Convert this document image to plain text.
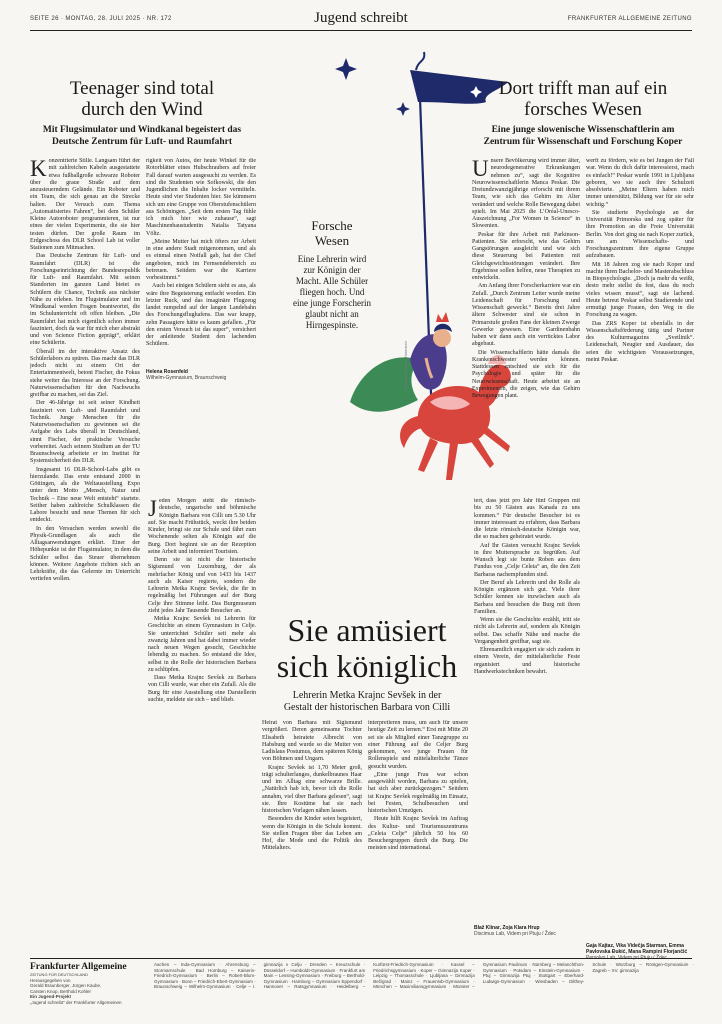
SEITE 26 · MONTAG, 28. JULI 2025 · NR. 172	Jugend schreibt	FRANKFURTER ALLGEMEINE ZEITUNG
Teenager sind total
durch den Wind
Mit Flugsimulator und Windkanal begeistert das
Deutsche Zentrum für Luft- und Raumfahrt

Konzentrierte Stille. Langsam führt der mit zahlreichen Kabeln ausgestattete etwa fußballgroße schwarze Roboter über die graue Straße auf dem anzusteuerndem Gelände. Ein Roboter und ein Team, die sich genau an die Strecke halten. Der Versuch zum Thema „Automatisiertes Fahren“, bei dem Schüler Kleine Autoroboter programmieren, ist nur eines der vielen Experimente, die sie hier testen dürfen. Der große Raum im Erdgeschoss des DLR School Lab ist voller Stationen zum Mitmachen.

Das Deutsche Zentrum für Luft- und Raumfahrt (DLR) ist die Forschungseinrichtung der Bundesrepublik für Luft- und Raumfahrt. Mit seinen Standorten im ganzen Land bietet es Schülern die Chance, Technik aus nächster Nähe zu erleben. Im Flugsimulator und im Windkanal werden Fragen beantwortet, die im Schulunterricht oft offen bleiben. „Die Raumfahrt hat mich eigentlich schon immer fasziniert, doch da war für mich eher abstrakt und von Science Fiction geprägt“, erklärt eine Schülerin.

Überall im der interaktive Ansatz des Schülerlabors zu spüren. Das macht das DLR jedoch nicht zu einem Ort der Entertainmentwelt, betont Fischer, die Fokus stehe weiter das Interesse an der Forschung. Naturwissenschaften für den Nachwuchs greifbar zu machen, sei das Ziel.

Der 46-Jährige ist seit seiner Kindheit fasziniert von Luft- und Raumfahrt und Technik. Junge Menschen für die Naturwissenschaften zu gewinnen sei die Aufgabe des Labs überall in Deutschland, sinnt Fischer, der praktische Versuche vorbereitet. Auch seinem Studium an der TU Braunschweig arbeitete er im Institut für Systemsicherheit des DLR.

Insgesamt 16 DLR-School-Labs gibt es hierzulande. Das erste entstand 2000 in Göttingen, als die Weltausstellung Expo unter dem Motto „Mensch, Natur und Technik – Eine neue Welt entsteht“ startete. Seither haben zahlreiche Schulklassen die Labore besucht und neue Themen für sich entdeckt.

In den Versuchen werden sowohl die Physik-Grundlagen als auch die Alltagsanwendungen erklärt. Einer der Höhepunkte ist der Flugsimulator, in dem die Schüler selbst das Steuer übernehmen können. Weitere Angebote richten sich an Lehrkräfte, die das Gelernte im Unterricht vertiefen wollen.

rigkeit von Autos, der heute Winkel für die Rotorblätter eines Hubschraubers auf freier Fall darauf warten ausgesucht zu werden. Es sind die Studenten wie Sofkowski, die den Jugendlichen die Inhalte locker vermitteln. Heute sind vier Studenten hier. Sie kümmern sich um eine Gruppe von Oberstufenschülern aus Schöningen. „Seit dem ersten Tag fühle ich mich hier wie zuhause“, sagt Maschinenbaustudentin Natalia Tatyana Völtz.

„Meine Mutter hat mich öfters zur Arbeit in eine andere Stadt mitgenommen, und als es einmal einen Notfall gab, hat der Chef angeboten, mich im Fernsendebereich zu betreuen. Seitdem war die Karriere vorbestimmt.“

Auch bei einigen Schülern sieht es aus, als wäre ihre Begeisterung entfacht worden. Ein letzter Ruck, und das imaginäre Flugzeug landet rumpelnd auf der langen Landebahn des Forschungsflughafens. Das war knapp, zehn Passagiere hätte es kaum gefallen. „Für den ersten Versuch ist das super“, versichert der anleitende Student den lachenden Schülern.

Helena Rosenfeld
Wilhelm-Gymnasium, Braunschweig
Forsche
Wesen
Eine Lehrerin wird
zur Königin der
Macht. Alle Schüler
fliegen hoch. Und
eine junge Forscherin
glaubt nicht an
Hirngespinste.
Illustration Jonathan Hasenbein
Dort trifft man auf ein
forsches Wesen
Eine junge slowenische Wissenschaftlerin am
Zentrum für Wissenschaft und Forschung Koper

Unsere Bevölkerung wird immer älter, neurodegenerative Erkrankungen nehmen zu“, sagt die Kognitive Neurowissenschaftlerin Manca Peskar. Die Dreiundzwanzigjährige erforscht mit ihrem Team, wie sich das Gehirn im Alter verändert und welche Rolle Bewegung dabei spielt. Im Mai 2025 die L’Oréal-Unesco-Auszeichnung „For Women in Science“ in Slowenien.

Peskar für ihre Arbeit mit Parkinson-Patienten. Sie erforscht, wie das Gehirn Gangstörungen ausgleicht und wie sich diese Steuerung bei Patienten mit Gleichgewichtsstörungen verändert. Ihre Ergebnisse sollen helfen, neue Therapien zu entwickeln.

Am Anfang ihrer Forscherkarriere war ein Zufall. „Durch Zentrum Leiter wurde meine Leidenschaft für Forschung und Wissenschaft geweckt.“ Bereits drei Jahre ältere Schwester sind sie schon in Primarstufe großen Fans der kleinen Zwerge Gewerke gewesen. Eine Gardinenbahn haben wir dann auch ein verrücktes Labor abgebaut.

Die Wissenschaftlerin hätte damals die Krankenschwester werden können. Stattdessen entschied sie sich für die Psychologie und später für die Neurowissenschaft. Heute arbeitet sie an Experimenten, die zeigen, wie das Gehirn Bewegungen plant.

werft zu fördern, wie es bei Jungen der Fall war. Wenn du dich dafür interessierst, mach es einfach!“ Peskar wurde 1991 in Ljubljana geboren, wo sie auch ihre Schulzeit absolvierte. „Meine Eltern haben mich immer unterstützt, Bildung war für sie sehr wichtig.“

Sie studierte Psychologie an der Universität Primorska und zog später für ihre Promotion an die Freie Universität Berlin. Von dort ging sie nach Koper zurück, um am Wissenschafts- und Forschungszentrum ihre eigene Gruppe aufzubauen.

Mit 18 Jahren zog sie nach Koper und machte ihren Bachelor- und Masterabschluss in Biopsychologie. „Doch ja mehr du weißt, desto mehr stellst du fest, dass du noch vieles wissen musst“, sagt sie lachend. Heute betreut Peskar selbst Studierende und ermutigt junge Frauen, den Weg in die Forschung zu wagen.

Das ZRS Koper ist ebenfalls in der Wissenschaftsförderung tätig und Partner des Kulturmagazins „Svetlinik“. Leidenschaft, Neugier und Ausdauer, das seien die wichtigsten Voraussetzungen, meint Peskar.

Gaja Kajtaz, Vika Videčja Starman, Emma Pavlovska Đukić, Mana Rampini Florjančić

Jeden Morgen steht die rümisch-deutsche, ungarische und böhmische Königin Barbara von Cilli um 5.30 Uhr auf. Sie macht Frühstück, weckt ihre beiden Kinder, bringt sie zur Schule und fährt zum Wochenende selten als Königin auf die Burg. Dort beginnt sie an der Rezeption seine Arbeit und informiert Touristen.

Denn sie ist nicht die historische Sigismund von Luxemburg, der als mehrfacher König und von 1433 bis 1437 auch als Kaiser regierte, sondern die Lehrerin Metka Krajnc Sevšek, die ihr in regelmäßig bei Führungen auf der Burg Celje ihre Stimme leiht. Das Burgmuseum zieht jedes Jahr Tausende Besucher an.

Metka Krajnc Sevšek ist Lehrerin für Geschichte an einem Gymnasium in Celje. Sie unterrichtet Schüler seit mehr als zwanzig Jahren und hat dabei immer wieder nach neuen Wegen gesucht, Geschichte lebendig zu machen. So entstand die Idee, selbst in die Rolle der historischen Barbara zu schlüpfen.

Dass Metka Krajnc Sevšek zu Barbara von Cilli wurde, war eher ein Zufall. Als die Burg für eine Ausstellung eine Darstellerin suchte, meldete sie sich – und blieb.

Sie amüsiert
sich königlich
Lehrerin Metka Krajnc Sevšek in der
Gestalt der historischen Barbara von Cilli

Heirat von Barbara mit Sigismund vergrößert. Deren gemeinsame Tochter Elisabeth heiratete Albrecht von Habsburg und wurde so die Mutter von Ladislaus Postumus, dem späteren König von Böhmen und Ungarn.

Krajnc Sevšek ist 1,70 Meter groß, trägt schulterlanges, dunkelbraunes Haar und im Alltag eine schwarze Brille. „Natürlich hab ich, bevor ich die Rolle annahm, viel über Barbara gelesen“, sagt sie. Ihre Kostüme hat sie nach historischen Vorlagen nähen lassen.

Besonders die Kinder seien begeistert, wenn die Königin in die Schule kommt. Sie stellen Fragen über das Leben am Hof, die Mode und die Politik des Mittelalters.

interpretieren muss, um auch für unsere heutige Zeit zu lernen.“ Erst mit Mitte 20 sei sie als Mitglied einer Tanzgruppe zu einer Führung auf die Celjer Burg gekommen, wo junge Frauen für Rollenspiele und mittelalterliche Tänze gesucht wurden.

„Eine junge Frau war schon ausgewählt worden, Barbara zu spielen, hat sich aber zurückgezogen.“ Seitdem ist Krajnc Sevšek regelmäßig im Einsatz, bei Festen, Schulbesuchen und historischen Umzügen.

Heute hilft Krajnc Sevšek im Auftrag des Kultur- und Tourismuszentrums „Celeia Celje“ jährlich 50 bis 60 Besuchergruppen durch die Burg. Die meisten sind international.

tert, dass jetzt pro Jahr fünf Gruppen mit bis zu 50 Gästen aus Kanada zu uns kommen.“ Für deutsche Besucher ist es immer interessant zu erfahren, dass Barbara die letzte römisch-deutsche Königin war, die so machen geheiratet wurde.

Auf Ihr Gästen versucht Krajnc Sevšek in ihre Muttersprache zu begrüßen. Auf Wunsch legt sie bunte Roben aus dem Fundus von „Celje Celeia“ an, die den Zeit Barbaras nachempfunden sind.

Der Beruf als Lehrerin und die Rolle als Königin ergänzen sich gut. Viele ihrer Schüler kennen sie inzwischen auch als Barbara und besuchen die Burg mit ihren Familien.

Wenn sie die Geschichte erzählt, tritt sie nicht als Lehrerin auf, sondern als Königin selbst. Das schaffe Nähe und mache die Vergangenheit greifbar, sagt sie.

Ehrenamtlich engagiert sie sich zudem in einem Verein, der mittelalterliche Feste organisiert und historische Handwerkstechniken bewahrt.

Blaž Klinar, Zoja Klara Hrup
Discimus Lab, Videm pri Ptuju / Ždec
Frankfurter Allgemeine
ZEITUNG FÜR DEUTSCHLAND
Herausgegeben von
Gerald Braunberger, Jürgen Kaube,
Carsten Knop, Berthold Kohler
Ein Jugend-Projekt
„Jugend schreibt“ der Frankfurter Allgemeinen
Aachen – Inda-Gymnasium · Ahrensburg – Stormarnschule · Bad Homburg – Kaiserin-Friedrich-Gymnasium · Berlin – Robert-Blum-Gymnasium · Bonn – Friedrich-Ebert-Gymnasium · Braunschweig – Wilhelm-Gymnasium · Celje – I. gimnazija v Celju · Dresden – Kreuzschule · Düsseldorf – Humboldt-Gymnasium · Frankfurt am Main – Lessing-Gymnasium · Freiburg – Berthold-Gymnasium · Hamburg – Gymnasium Eppendorf · Hannover – Ratsgymnasium · Heidelberg – Kurfürst-Friedrich-Gymnasium · Kassel – Friedrichsgymnasium · Koper – Gimnazija Koper · Leipzig – Thomasschule · Ljubljana – Gimnazija Bežigrad · Mainz – Frauenlob-Gymnasium · München – Maximiliansgymnasium · Münster – Gymnasium Paulinum · Nürnberg – Melanchthon-Gymnasium · Potsdam – Einstein-Gymnasium · Ptuj – Gimnazija Ptuj · Stuttgart – Eberhard-Ludwigs-Gymnasium · Wiesbaden – Dilthey-Schule · Würzburg – Röntgen-Gymnasium · Zagreb – XV. gimnazija
